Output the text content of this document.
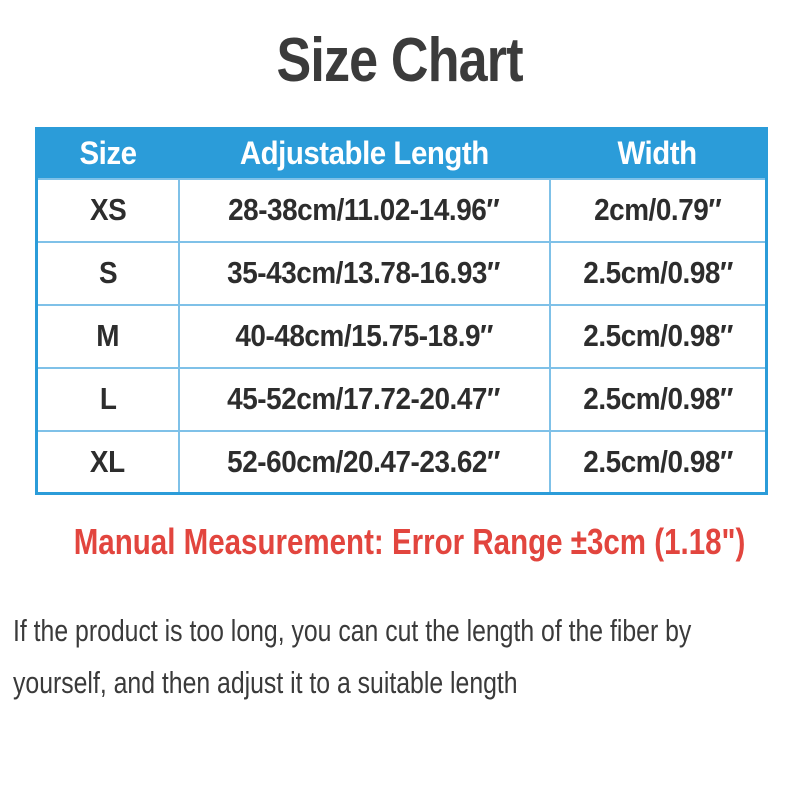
Size Chart
Size	Adjustable Length	Width
XS	28-38cm/11.02-14.96″	2cm/0.79″
S	35-43cm/13.78-16.93″	2.5cm/0.98″
M	40-48cm/15.75-18.9″	2.5cm/0.98″
L	45-52cm/17.72-20.47″	2.5cm/0.98″
XL	52-60cm/20.47-23.62″	2.5cm/0.98″
Manual Measurement: Error Range ±3cm (1.18")
If the product is too long, you can cut the length of the fiber by
yourself, and then adjust it to a suitable length
